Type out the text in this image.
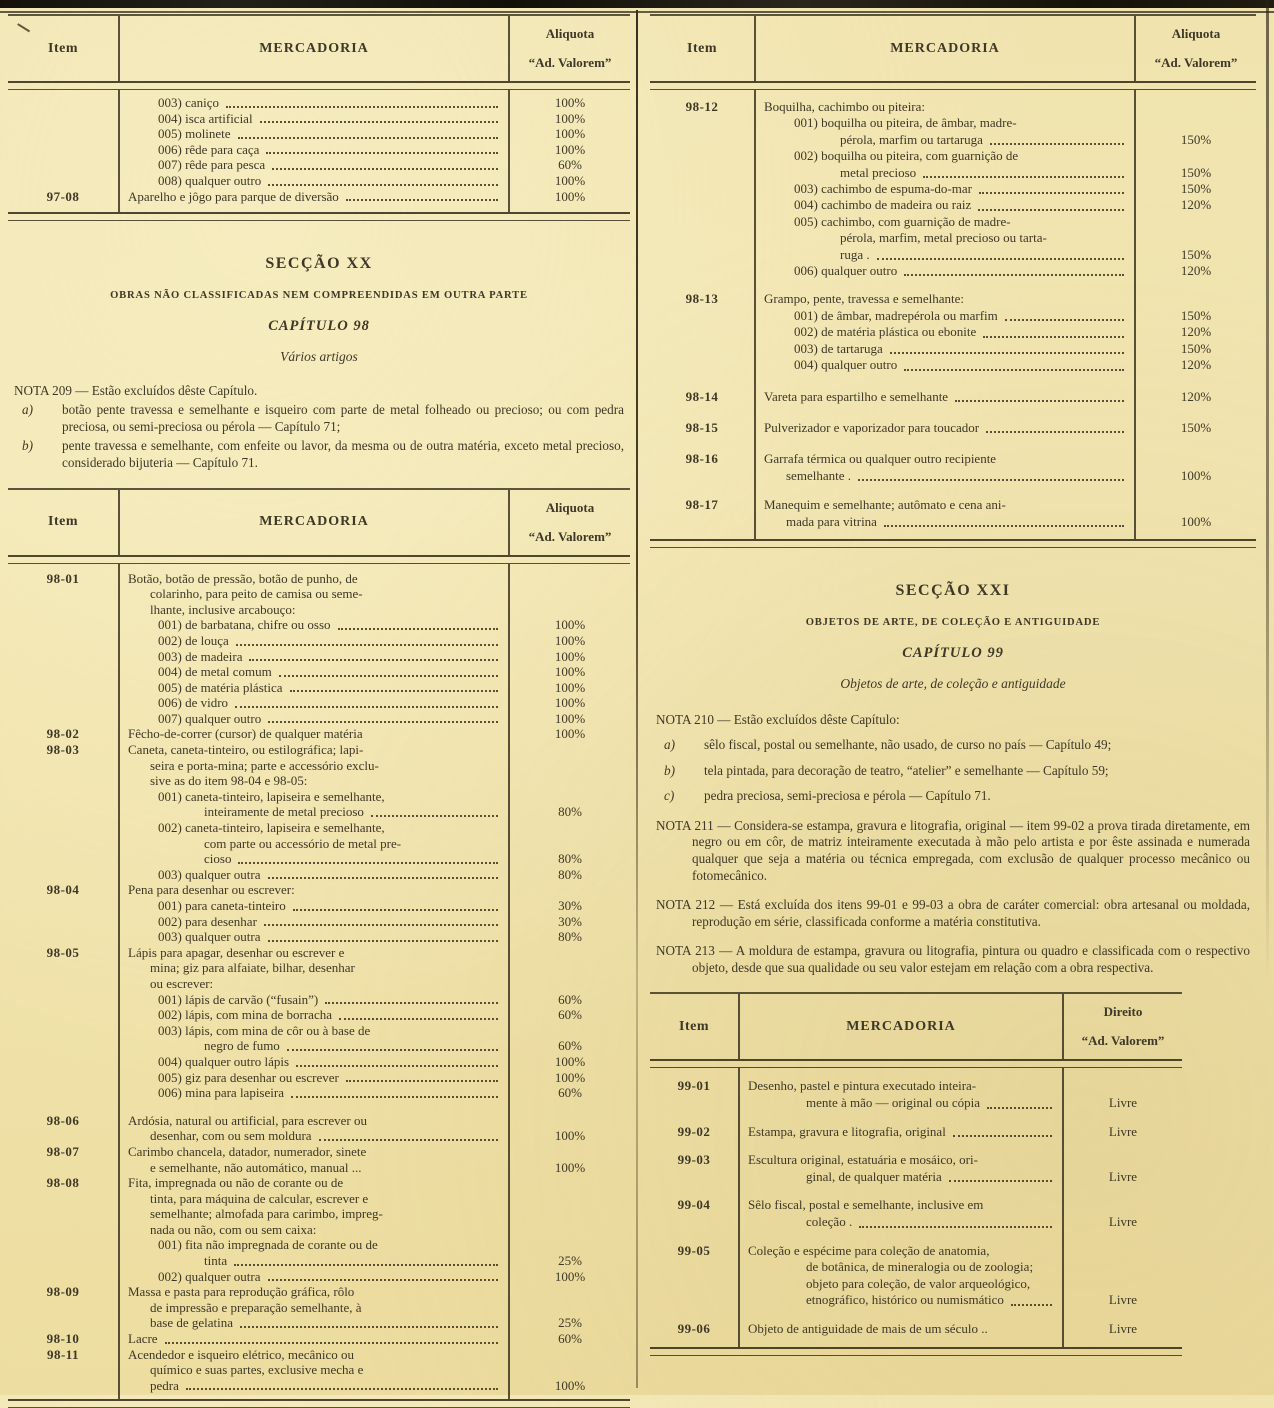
Item	MERCADORIA
Aliquota
“Ad. Valorem”
003) caniço	100%
004) isca artificial	100%
005) molinete	100%
006) rêde para caça	100%
007) rêde para pesca	60%
008) qualquer outro	100%
97-08	Aparelho e jôgo para parque de diversão	100%
SECÇÃO XX
OBRAS NÃO CLASSIFICADAS NEM COMPREENDIDAS EM OUTRA PARTE
CAPÍTULO 98
Vários artigos
NOTA 209 — Estão excluídos dêste Capítulo.
a)	botão pente travessa e semelhante e isqueiro com parte de metal folheado ou precioso; ou com pedra preciosa, ou semi-preciosa ou pérola — Capítulo 71;
b)	pente travessa e semelhante, com enfeite ou lavor, da mesma ou de outra matéria, exceto metal precioso, considerado bijuteria — Capítulo 71.
Item	MERCADORIA
Aliquota
“Ad. Valorem”
98-01	Botão, botão de pressão, botão de punho, de
colarinho, para peito de camisa ou seme-
lhante, inclusive arcabouço:
001) de barbatana, chifre ou osso	100%
002) de louça	100%
003) de madeira	100%
004) de metal comum	100%
005) de matéria plástica	100%
006) de vidro	100%
007) qualquer outro	100%
98-02	Fêcho-de-correr (cursor) de qualquer matéria	100%
98-03	Caneta, caneta-tinteiro, ou estilográfica; lapi-
seira e porta-mina; parte e accessório exclu-
sive as do item 98-04 e 98-05:
001) caneta-tinteiro, lapiseira e semelhante,
inteiramente de metal precioso	80%
002) caneta-tinteiro, lapiseira e semelhante,
com parte ou accessório de metal pre-
cioso	80%
003) qualquer outra	80%
98-04	Pena para desenhar ou escrever:
001) para caneta-tinteiro	30%
002) para desenhar	30%
003) qualquer outra	80%
98-05	Lápis para apagar, desenhar ou escrever e
mina; giz para alfaiate, bilhar, desenhar
ou escrever:
001) lápis de carvão (“fusain”)	60%
002) lápis, com mina de borracha	60%
003) lápis, com mina de côr ou à base de
negro de fumo	60%
004) qualquer outro lápis	100%
005) giz para desenhar ou escrever	100%
006) mina para lapiseira	60%
98-06	Ardósia, natural ou artificial, para escrever ou
desenhar, com ou sem moldura	100%
98-07	Carimbo chancela, datador, numerador, sinete
e semelhante, não automático, manual ...	100%
98-08	Fita, impregnada ou não de corante ou de
tinta, para máquina de calcular, escrever e
semelhante; almofada para carimbo, impreg-
nada ou não, com ou sem caixa:
001) fita não impregnada de corante ou de
tinta	25%
002) qualquer outra	100%
98-09	Massa e pasta para reprodução gráfica, rôlo
de impressão e preparação semelhante, à
base de gelatina	25%
98-10	Lacre	60%
98-11	Acendedor e isqueiro elétrico, mecânico ou
químico e suas partes, exclusive mecha e
pedra	100%
Item	MERCADORIA
Aliquota
“Ad. Valorem”
98-12	Boquilha, cachimbo ou piteira:
001) boquilha ou piteira, de âmbar, madre-
pérola, marfim ou tartaruga	150%
002) boquilha ou piteira, com guarnição de
metal precioso	150%
003) cachimbo de espuma-do-mar	150%
004) cachimbo de madeira ou raiz	120%
005) cachimbo, com guarnição de madre-
pérola, marfim, metal precioso ou tarta-
ruga .	150%
006) qualquer outro	120%
98-13	Grampo, pente, travessa e semelhante:
001) de âmbar, madrepérola ou marfim	150%
002) de matéria plástica ou ebonite	120%
003) de tartaruga	150%
004) qualquer outro	120%
98-14	Vareta para espartilho e semelhante	120%
98-15	Pulverizador e vaporizador para toucador	150%
98-16	Garrafa térmica ou qualquer outro recipiente
semelhante .	100%
98-17	Manequim e semelhante; autômato e cena ani-
mada para vitrina	100%
SECÇÃO XXI
OBJETOS DE ARTE, DE COLEÇÃO E ANTIGUIDADE
CAPÍTULO 99
Objetos de arte, de coleção e antiguidade
NOTA 210 — Estão excluídos dêste Capítulo:
a)	sêlo fiscal, postal ou semelhante, não usado, de curso no país — Capítulo 49;
b)	tela pintada, para decoração de teatro, “atelier” e semelhante — Capítulo 59;
c)	pedra preciosa, semi-preciosa e pérola — Capítulo 71.
NOTA 211 — Considera-se estampa, gravura e litografia, original — item 99-02 a prova tirada diretamente, em negro ou em côr, de matriz inteiramente executada à mão pelo artista e por êste assinada e numerada qualquer que seja a matéria ou técnica empregada, com exclusão de qualquer processo mecânico ou fotomecânico.
NOTA 212 — Está excluída dos itens 99-01 e 99-03 a obra de caráter comercial: obra artesanal ou moldada, reprodução em série, classificada conforme a matéria constitutiva.
NOTA 213 — A moldura de estampa, gravura ou litografia, pintura ou quadro e classificada com o respectivo objeto, desde que sua qualidade ou seu valor estejam em relação com a obra respectiva.
Item	MERCADORIA
Direito
“Ad. Valorem”
99-01	Desenho, pastel e pintura executado inteira-
mente à mão — original ou cópia	Livre
99-02	Estampa, gravura e litografia, original	Livre
99-03	Escultura original, estatuária e mosáico, ori-
ginal, de qualquer matéria	Livre
99-04	Sêlo fiscal, postal e semelhante, inclusive em
coleção .	Livre
99-05	Coleção e espécime para coleção de anatomia,
de botânica, de mineralogia ou de zoologia;
objeto para coleção, de valor arqueológico,
etnográfico, histórico ou numismático	Livre
99-06	Objeto de antiguidade de mais de um século ..	Livre
